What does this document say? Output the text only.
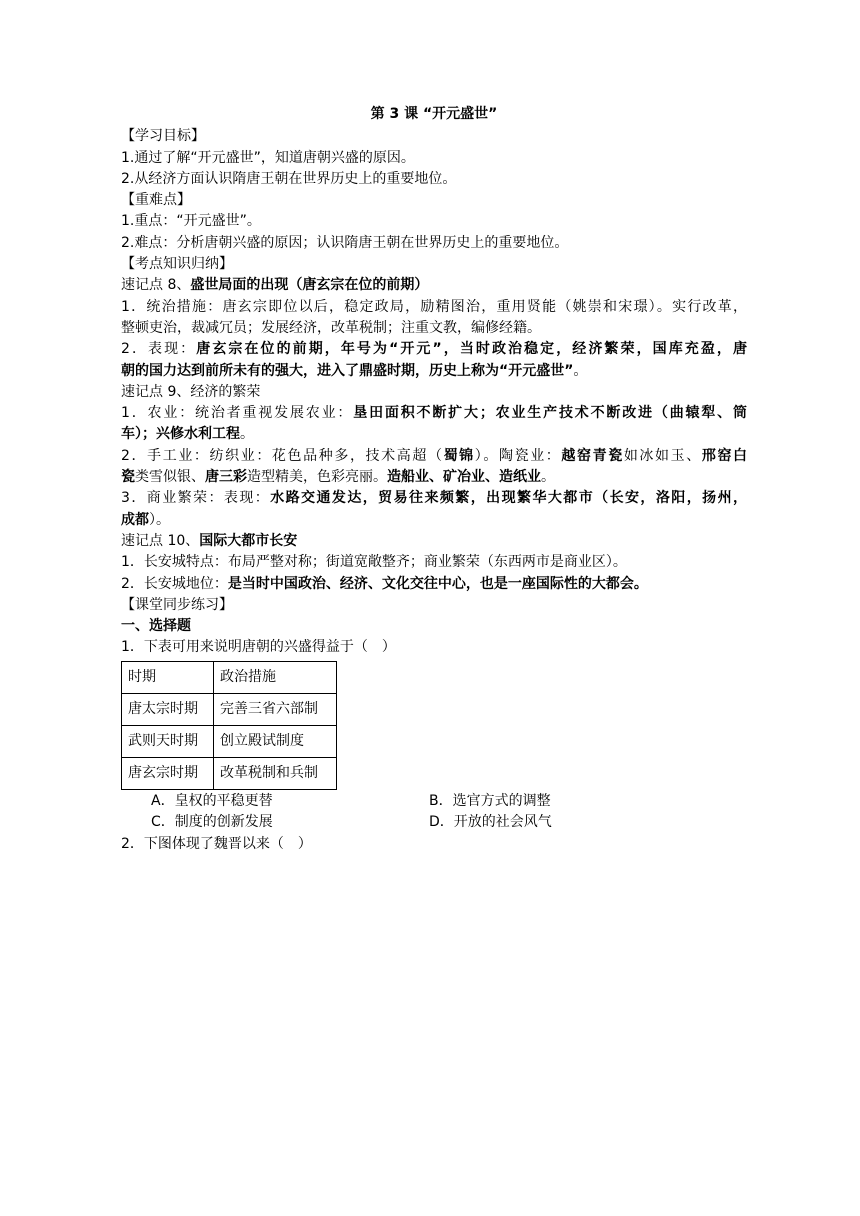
第 3 课 “开元盛世”
【学习目标】
1.通过了解“开元盛世”，知道唐朝兴盛的原因。
2.从经济方面认识隋唐王朝在世界历史上的重要地位。
【重难点】
1.重点：“开元盛世”。
2.难点：分析唐朝兴盛的原因；认识隋唐王朝在世界历史上的重要地位。
【考点知识归纳】
速记点 8、盛世局面的出现（唐玄宗在位的前期）
1．统治措施：唐玄宗即位以后，稳定政局，励精图治，重用贤能（姚崇和宋璟）。实行改革，
整顿吏治，裁减冗员；发展经济，改革税制；注重文教，编修经籍。
2．表现：唐玄宗在位的前期，年号为“开元”，当时政治稳定，经济繁荣，国库充盈，唐
朝的国力达到前所未有的强大，进入了鼎盛时期，历史上称为“开元盛世”。
速记点 9、经济的繁荣
1．农业：统治者重视发展农业：垦田面积不断扩大；农业生产技术不断改进（曲辕犁、筒
车）；兴修水利工程。
2．手工业：纺织业：花色品种多，技术高超（蜀锦）。陶瓷业：越窑青瓷如冰如玉、邢窑白
瓷类雪似银、唐三彩造型精美，色彩亮丽。造船业、矿冶业、造纸业。
3．商业繁荣：表现：水路交通发达，贸易往来频繁，出现繁华大都市（长安，洛阳，扬州，
成都）。
速记点 10、国际大都市长安
1．长安城特点：布局严整对称；街道宽敞整齐；商业繁荣（东西两市是商业区）。
2．长安城地位：是当时中国政治、经济、文化交往中心，也是一座国际性的大都会。
【课堂同步练习】
一、选择题
1．下表可用来说明唐朝的兴盛得益于（　）
时期	政治措施
唐太宗时期	完善三省六部制
武则天时期	创立殿试制度
唐玄宗时期	改革税制和兵制
A．皇权的平稳更替	B．选官方式的调整
C．制度的创新发展	D．开放的社会风气
2．下图体现了魏晋以来（　）
